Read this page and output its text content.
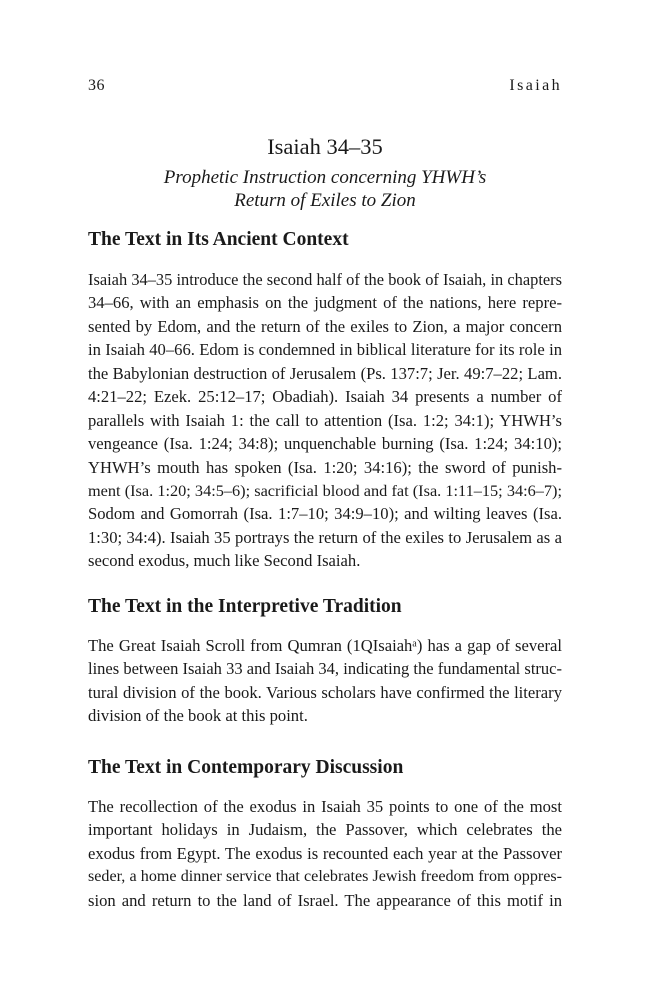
36	Isaiah
Isaiah 34–35
Prophetic Instruction concerning YHWH’s
Return of Exiles to Zion
The Text in Its Ancient Context
Isaiah 34–35 introduce the second half of the book of Isaiah, in chapters
34–66, with an emphasis on the judgment of the nations, here repre-
sented by Edom, and the return of the exiles to Zion, a major concern
in Isaiah 40–66. Edom is condemned in biblical literature for its role in
the Babylonian destruction of Jerusalem (Ps. 137:7; Jer. 49:7–22; Lam.
4:21–22; Ezek. 25:12–17; Obadiah). Isaiah 34 presents a number of
parallels with Isaiah 1: the call to attention (Isa. 1:2; 34:1); YHWH’s
vengeance (Isa. 1:24; 34:8); unquenchable burning (Isa. 1:24; 34:10);
YHWH’s mouth has spoken (Isa. 1:20; 34:16); the sword of punish-
ment (Isa. 1:20; 34:5–6); sacrificial blood and fat (Isa. 1:11–15; 34:6–7);
Sodom and Gomorrah (Isa. 1:7–10; 34:9–10); and wilting leaves (Isa.
1:30; 34:4). Isaiah 35 portrays the return of the exiles to Jerusalem as a
second exodus, much like Second Isaiah.
The Text in the Interpretive Tradition
The Great Isaiah Scroll from Qumran (1QIsaiahᵃ) has a gap of several
lines between Isaiah 33 and Isaiah 34, indicating the fundamental struc-
tural division of the book. Various scholars have confirmed the literary
division of the book at this point.
The Text in Contemporary Discussion
The recollection of the exodus in Isaiah 35 points to one of the most
important holidays in Judaism, the Passover, which celebrates the
exodus from Egypt. The exodus is recounted each year at the Passover
seder, a home dinner service that celebrates Jewish freedom from oppres-
sion and return to the land of Israel. The appearance of this motif in
